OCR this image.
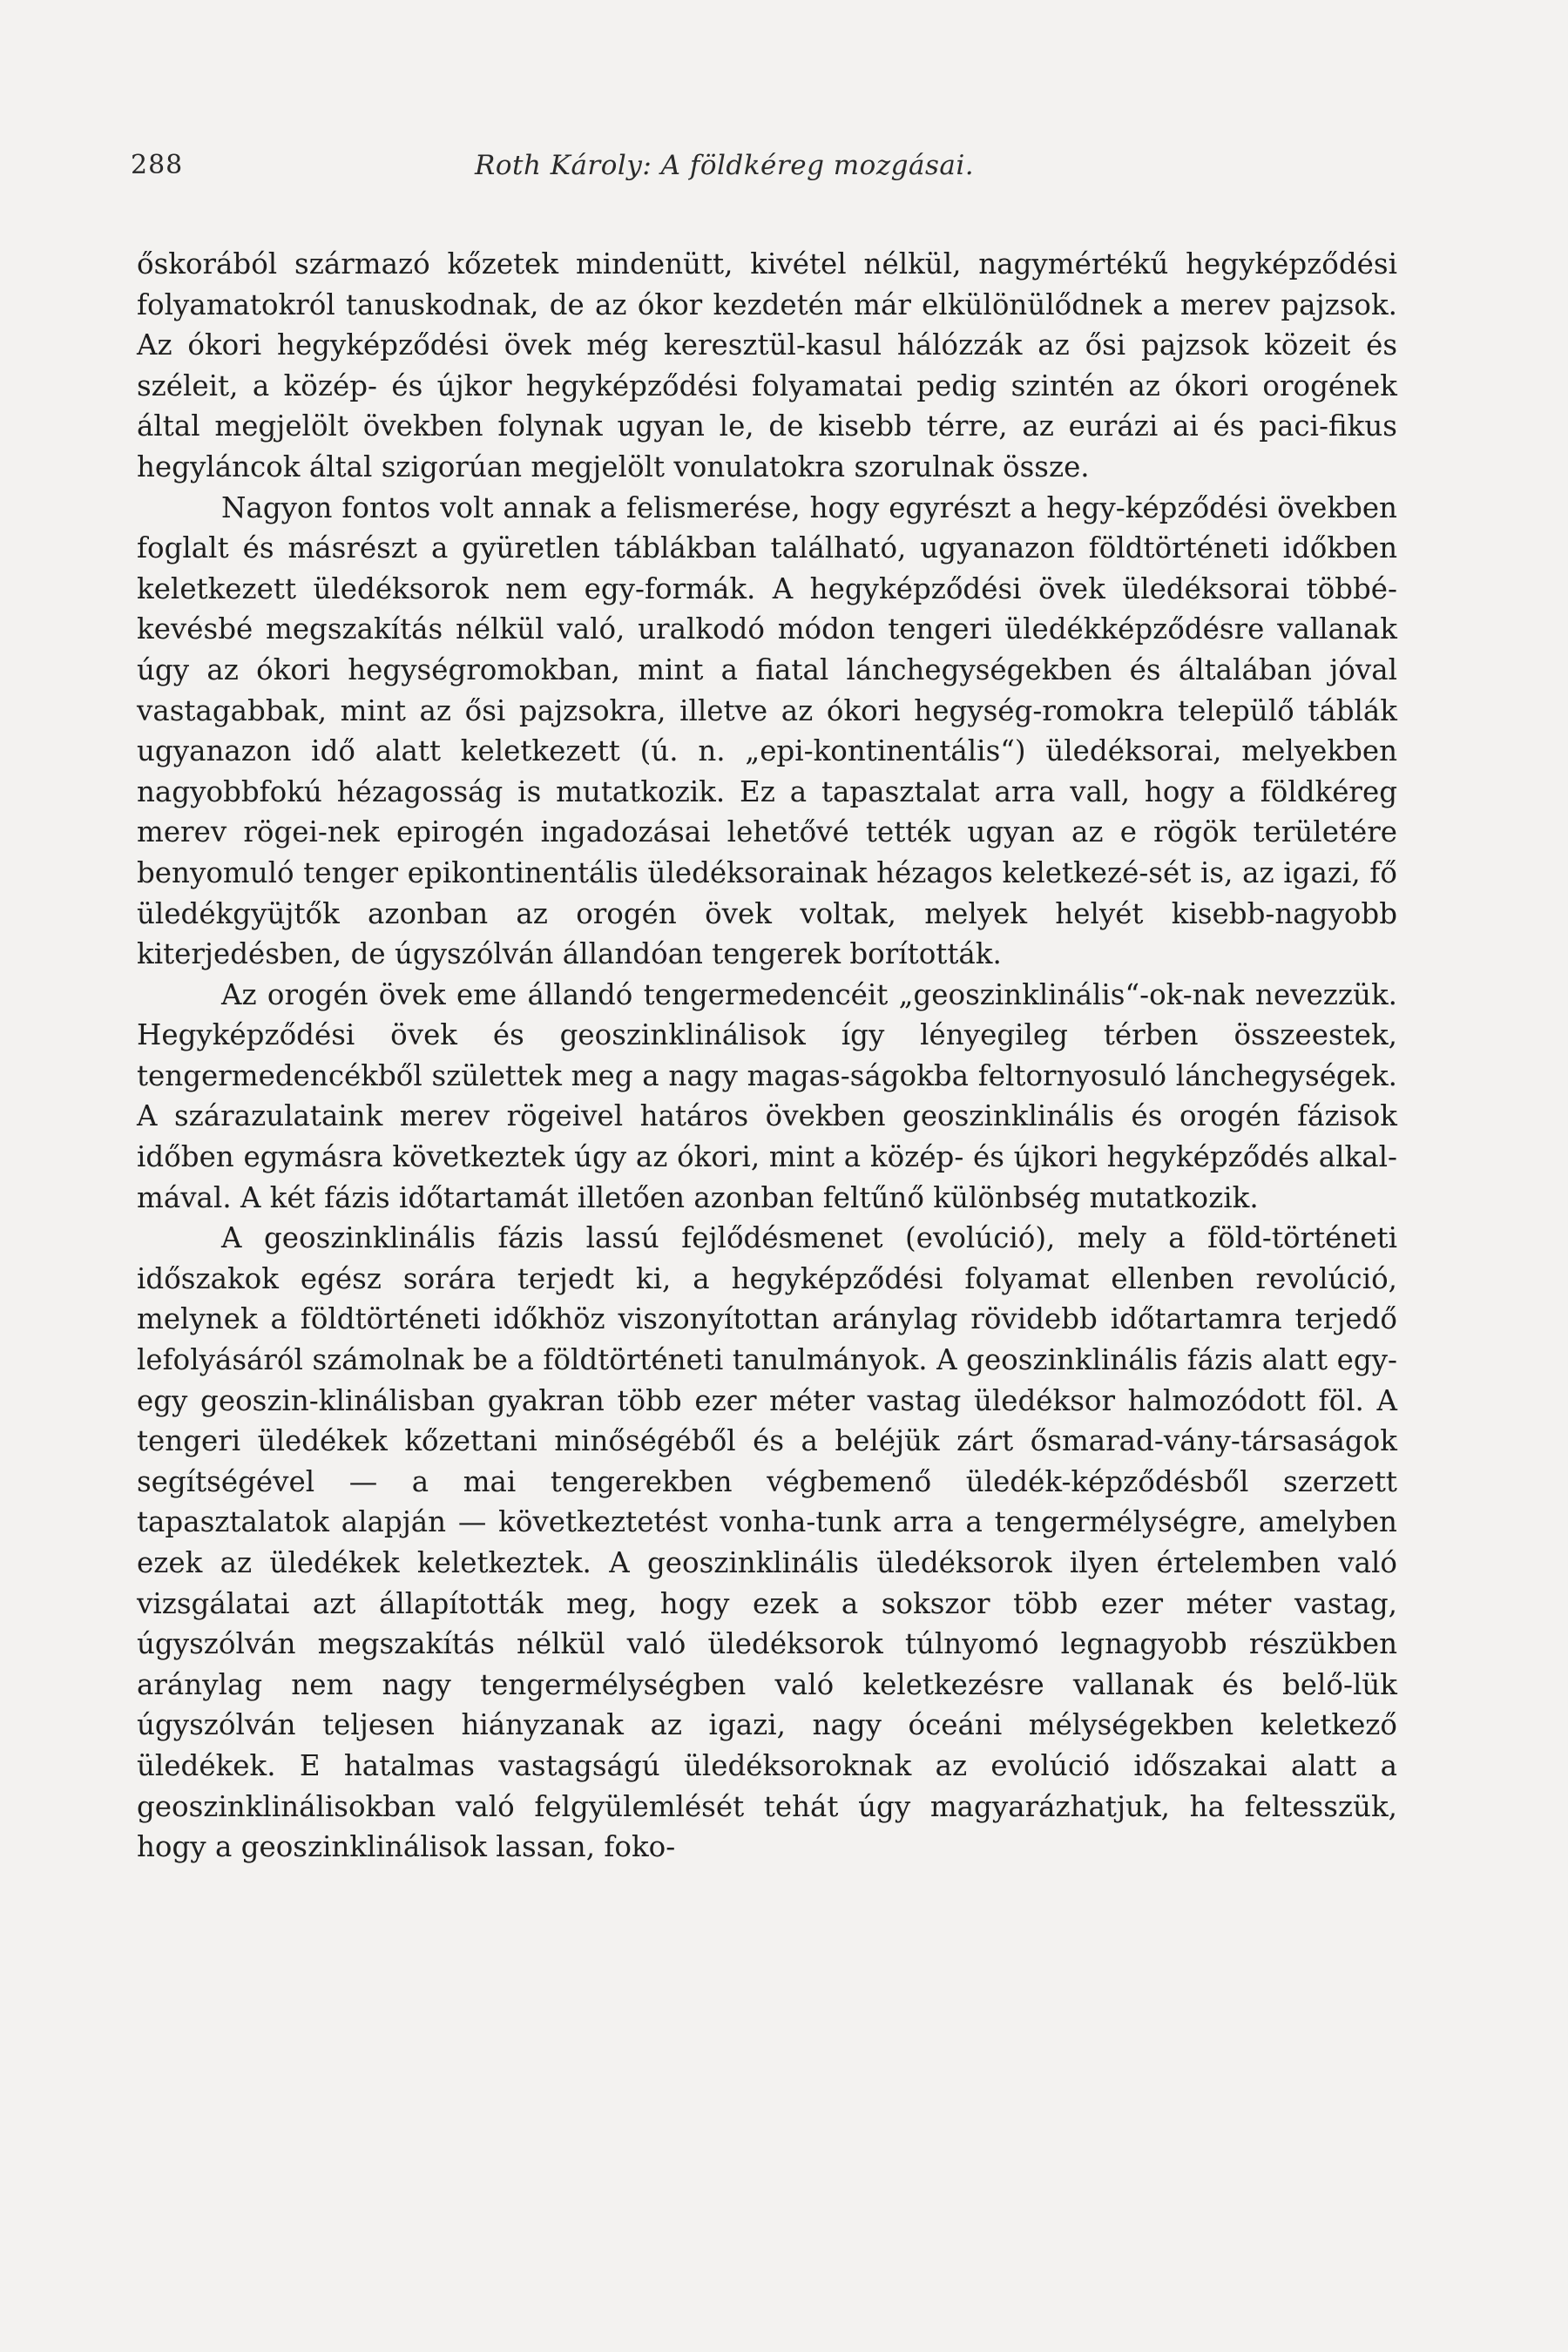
288	Roth Károly: A földkéreg mozgásai.

őskorából származó kőzetek mindenütt, kivétel nélkül, nagymértékű hegyképződési folyamatokról tanuskodnak, de az ókor kezdetén már elkülönülődnek a merev pajzsok. Az ókori hegyképződési övek még keresztül-kasul hálózzák az ősi pajzsok közeit és széleit, a közép- és újkor hegyképződési folyamatai pedig szintén az ókori orogének által megjelölt övekben folynak ugyan le, de kisebb térre, az eurázi ai és paci-fikus hegyláncok által szigorúan megjelölt vonulatokra szorulnak össze.

Nagyon fontos volt annak a felismerése, hogy egyrészt a hegy-képződési övekben foglalt és másrészt a gyüretlen táblákban található, ugyanazon földtörténeti időkben keletkezett üledéksorok nem egy-formák. A hegyképződési övek üledéksorai többé-kevésbé megszakítás nélkül való, uralkodó módon tengeri üledékképződésre vallanak úgy az ókori hegységromokban, mint a fiatal lánchegységekben és általában jóval vastagabbak, mint az ősi pajzsokra, illetve az ókori hegység-romokra települő táblák ugyanazon idő alatt keletkezett (ú. n. „epi-kontinentális“) üledéksorai, melyekben nagyobbfokú hézagosság is mutatkozik. Ez a tapasztalat arra vall, hogy a földkéreg merev rögei-nek epirogén ingadozásai lehetővé tették ugyan az e rögök területére benyomuló tenger epikontinentális üledéksorainak hézagos keletkezé-sét is, az igazi, fő üledékgyüjtők azonban az orogén övek voltak, melyek helyét kisebb-nagyobb kiterjedésben, de úgyszólván állandóan tengerek borították.

Az orogén övek eme állandó tengermedencéit „geoszinklinális“-ok-nak nevezzük. Hegyképződési övek és geoszinklinálisok így lényegileg térben összeestek, tengermedencékből születtek meg a nagy magas-ságokba feltornyosuló lánchegységek. A szárazulataink merev rögeivel határos övekben geoszinklinális és orogén fázisok időben egymásra következtek úgy az ókori, mint a közép- és újkori hegyképződés alkal-mával. A két fázis időtartamát illetően azonban feltűnő különbség mutatkozik.

A geoszinklinális fázis lassú fejlődésmenet (evolúció), mely a föld-történeti időszakok egész sorára terjedt ki, a hegyképződési folyamat ellenben revolúció, melynek a földtörténeti időkhöz viszonyítottan aránylag rövidebb időtartamra terjedő lefolyásáról számolnak be a földtörténeti tanulmányok. A geoszinklinális fázis alatt egy-egy geoszin-klinálisban gyakran több ezer méter vastag üledéksor halmozódott föl. A tengeri üledékek kőzettani minőségéből és a beléjük zárt ősmarad-vány-társaságok segítségével — a mai tengerekben végbemenő üledék-képződésből szerzett tapasztalatok alapján — következtetést vonha-tunk arra a tengermélységre, amelyben ezek az üledékek keletkeztek. A geoszinklinális üledéksorok ilyen értelemben való vizsgálatai azt állapították meg, hogy ezek a sokszor több ezer méter vastag, úgyszólván megszakítás nélkül való üledéksorok túlnyomó legnagyobb részükben aránylag nem nagy tengermélységben való keletkezésre vallanak és belő-lük úgyszólván teljesen hiányzanak az igazi, nagy óceáni mélységekben keletkező üledékek. E hatalmas vastagságú üledéksoroknak az evolúció időszakai alatt a geoszinklinálisokban való felgyülemlését tehát úgy magyarázhatjuk, ha feltesszük, hogy a geoszinklinálisok lassan, foko-
